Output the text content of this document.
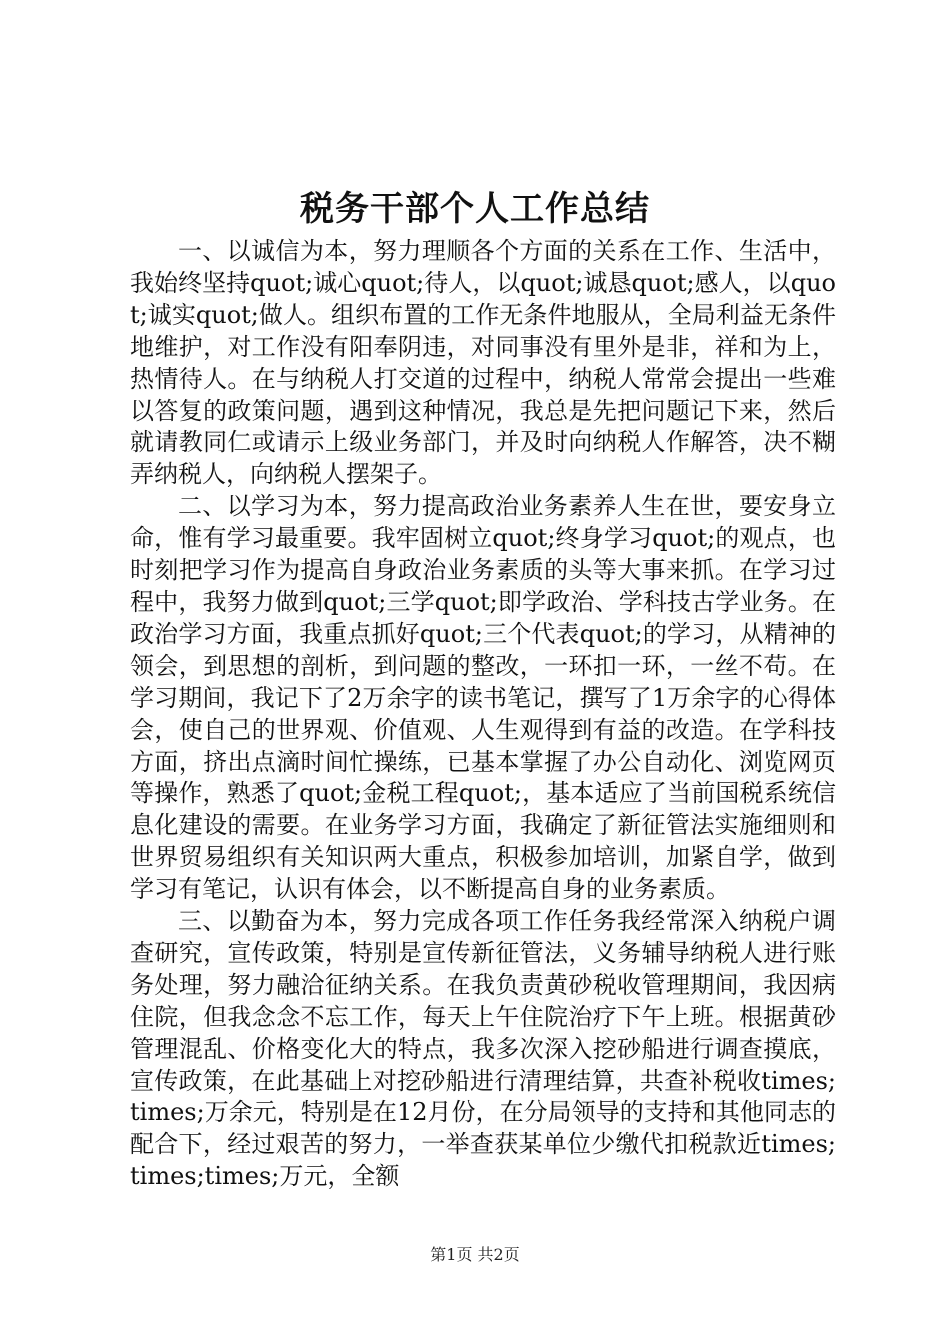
税务干部个人工作总结

一、以诚信为本，努力理顺各个方面的关系在工作、生活中，我始终坚持quot;诚心quot;待人，以quot;诚恳quot;感人，以quot;诚实quot;做人。组织布置的工作无条件地服从，全局利益无条件地维护，对工作没有阳奉阴违，对同事没有里外是非，祥和为上，热情待人。在与纳税人打交道的过程中，纳税人常常会提出一些难以答复的政策问题，遇到这种情况，我总是先把问题记下来，然后就请教同仁或请示上级业务部门，并及时向纳税人作解答，决不糊弄纳税人，向纳税人摆架子。

二、以学习为本，努力提高政治业务素养人生在世，要安身立命，惟有学习最重要。我牢固树立quot;终身学习quot;的观点，也时刻把学习作为提高自身政治业务素质的头等大事来抓。在学习过程中，我努力做到quot;三学quot;即学政治、学科技古学业务。在政治学习方面，我重点抓好quot;三个代表quot;的学习，从精神的领会，到思想的剖析，到问题的整改，一环扣一环，一丝不苟。在学习期间，我记下了2万余字的读书笔记，撰写了1万余字的心得体会，使自己的世界观、价值观、人生观得到有益的改造。在学科技方面，挤出点滴时间忙操练，已基本掌握了办公自动化、浏览网页等操作，熟悉了quot;金税工程quot;，基本适应了当前国税系统信息化建设的需要。在业务学习方面，我确定了新征管法实施细则和世界贸易组织有关知识两大重点，积极参加培训，加紧自学，做到学习有笔记，认识有体会，以不断提高自身的业务素质。

三、以勤奋为本，努力完成各项工作任务我经常深入纳税户调查研究，宣传政策，特别是宣传新征管法，义务辅导纳税人进行账务处理，努力融洽征纳关系。在我负责黄砂税收管理期间，我因病住院，但我念念不忘工作，每天上午住院治疗下午上班。根据黄砂管理混乱、价格变化大的特点，我多次深入挖砂船进行调查摸底，宣传政策，在此基础上对挖砂船进行清理结算，共查补税收times;times;万余元，特别是在12月份，在分局领导的支持和其他同志的配合下，经过艰苦的努力，一举查获某单位少缴代扣税款近times;times;times;万元，全额

第1页 共2页
